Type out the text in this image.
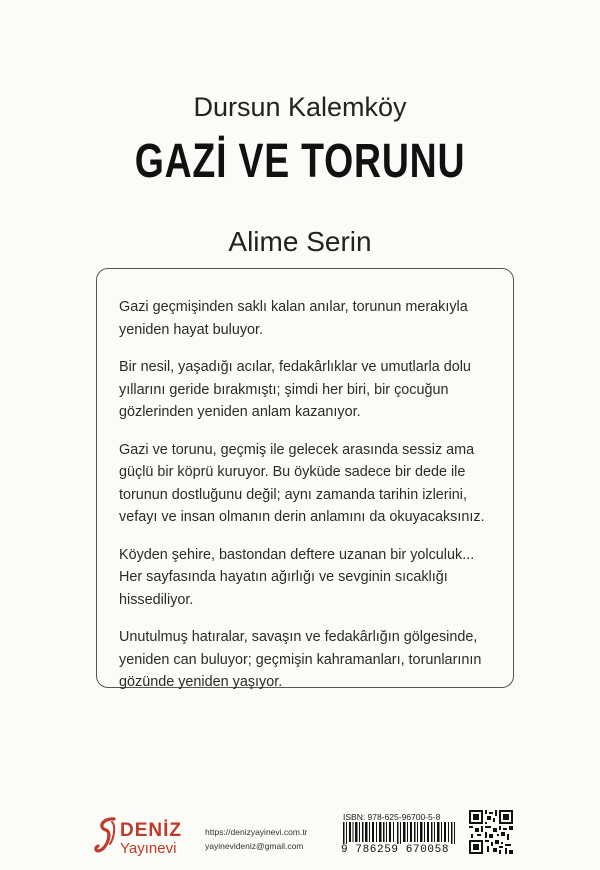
Dursun Kalemköy
GAZİ VE TORUNU
Alime Serin

Gazi geçmişinden saklı kalan anılar, torunun merakıyla yeniden hayat buluyor.

Bir nesil, yaşadığı acılar, fedakârlıklar ve umutlarla dolu yıllarını geride bırakmıştı; şimdi her biri, bir çocuğun gözlerinden yeniden anlam kazanıyor.

Gazi ve torunu, geçmiş ile gelecek arasında sessiz ama güçlü bir köprü kuruyor. Bu öyküde sadece bir dede ile torunun dostluğunu değil; aynı zamanda tarihin izlerini, vefayı ve insan olmanın derin anlamını da okuyacaksınız.

Köyden şehire, bastondan deftere uzanan bir yolculuk... Her sayfasında hayatın ağırlığı ve sevginin sıcaklığı hissediliyor.

Unutulmuş hatıralar, savaşın ve fedakârlığın gölgesinde, yeniden can buluyor; geçmişin kahramanları, torunlarının gözünde yeniden yaşıyor.

DENİZ
Yayınevi
https://denizyayinevi.com.tr
yayinevideniz@gmail.com
ISBN: 978-625-96700-5-8
9 786259 670058
